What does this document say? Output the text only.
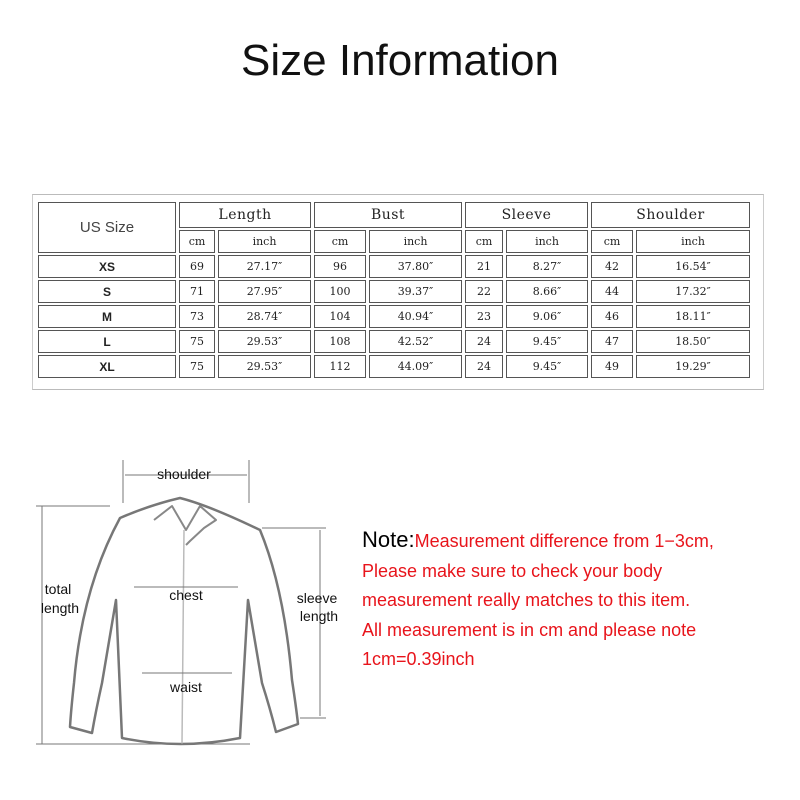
Size Information
US Size	Length		Bust		Sleeve		Shoulder	
	cm	inch	cm	inch	cm	inch	cm	inch
XS	69	27.17″	96	37.80″	21	8.27″	42	16.54″
S	71	27.95″	100	39.37″	22	8.66″	44	17.32″
M	73	28.74″	104	40.94″	23	9.06″	46	18.11″
L	75	29.53″	108	42.52″	24	9.45″	47	18.50″
XL	75	29.53″	112	44.09″	24	9.45″	49	19.29″
shoulder
total
length
chest
waist
sleeve
length
Note:Measurement difference from 1−3cm,
Please make sure to check your body
measurement really matches to this item.
All measurement is in cm and please note
1cm=0.39inch
